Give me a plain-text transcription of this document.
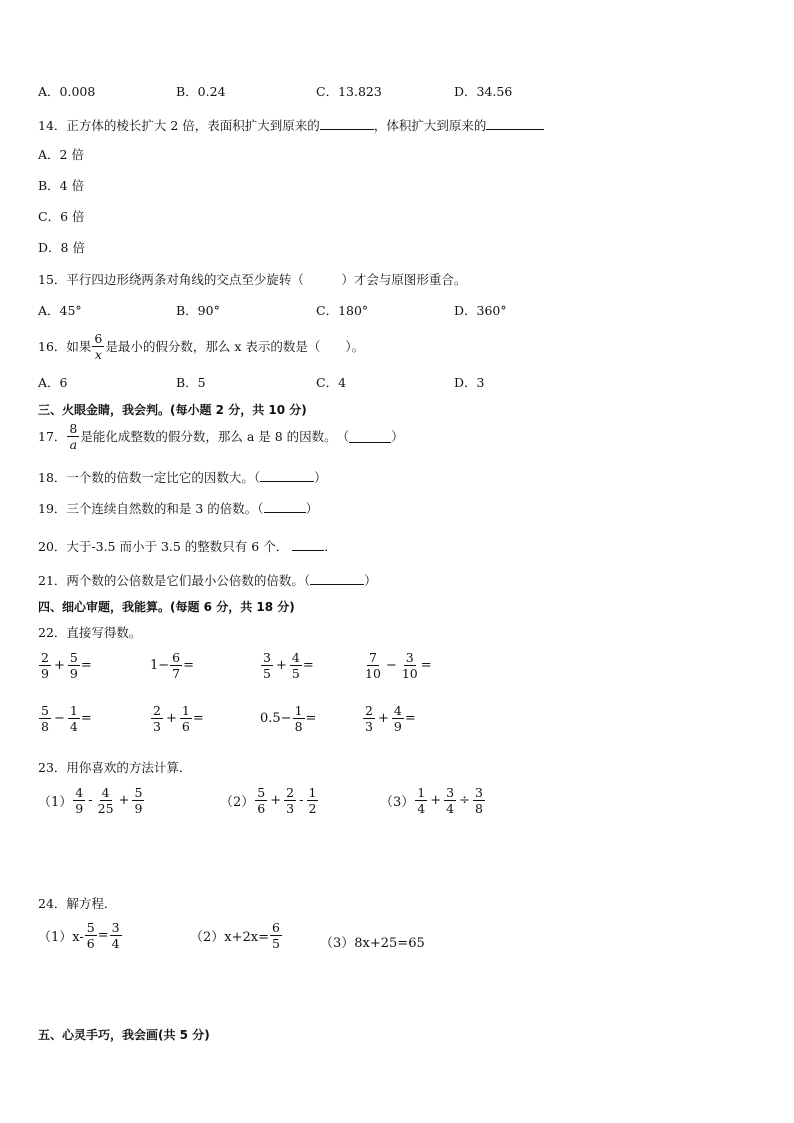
A．0.008	B．0.24	C．13.823	D．34.56
14．正方体的棱长扩大 2 倍，表面积扩大到原来的	，体积扩大到原来的
A．2 倍
B．4 倍
C．6 倍
D．8 倍
15．平行四边形绕两条对角线的交点至少旋转（　　　）才会与原图形重合。
A．45°	B．90°	C．180°	D．360°
16．如果 $\frac{6}{x}$ 是最小的假分数，那么 x 表示的数是（　　）。
A．6	B．5	C．4	D．3
三、火眼金睛，我会判。(每小题 2 分，共 10 分)
17． $\frac{8}{a}$ 是能化成整数的假分数，那么 a 是 8 的因数。　（	）
18．一个数的倍数一定比它的因数大。（	）
19．三个连续自然数的和是 3 的倍数。（	）
20．大于-3.5 而小于 3.5 的整数只有 6 个．	．
21．两个数的公倍数是它们最小公倍数的倍数。（	）
四、细心审题，我能算。(每题 6 分，共 18 分)
22．直接写得数。
$\frac{2}{9} + \frac{5}{9}$ =	$1- \frac{6}{7}$ =	$\frac{3}{5} + \frac{4}{5}$ =	$\frac{7}{10} - \frac{3}{10}$ =
$\frac{5}{8} - \frac{1}{4}$ =	$\frac{2}{3} + \frac{1}{6}$ =	$0.5- \frac{1}{8}$ =	$\frac{2}{3} + \frac{4}{9}$ =
23．用你喜欢的方法计算．
$(1) \frac{4}{9} - \frac{4}{25} + \frac{5}{9}$	$(2) \frac{5}{6} + \frac{2}{3} - \frac{1}{2}$	$(3) \frac{1}{4} + \frac{3}{4} \div \frac{3}{8}$
24．解方程．
$(1)x- \frac{5}{6} = \frac{3}{4}$	$(2)x+2x= \frac{6}{5}$	（3）8x+25=65
五、心灵手巧，我会画(共 5 分)
